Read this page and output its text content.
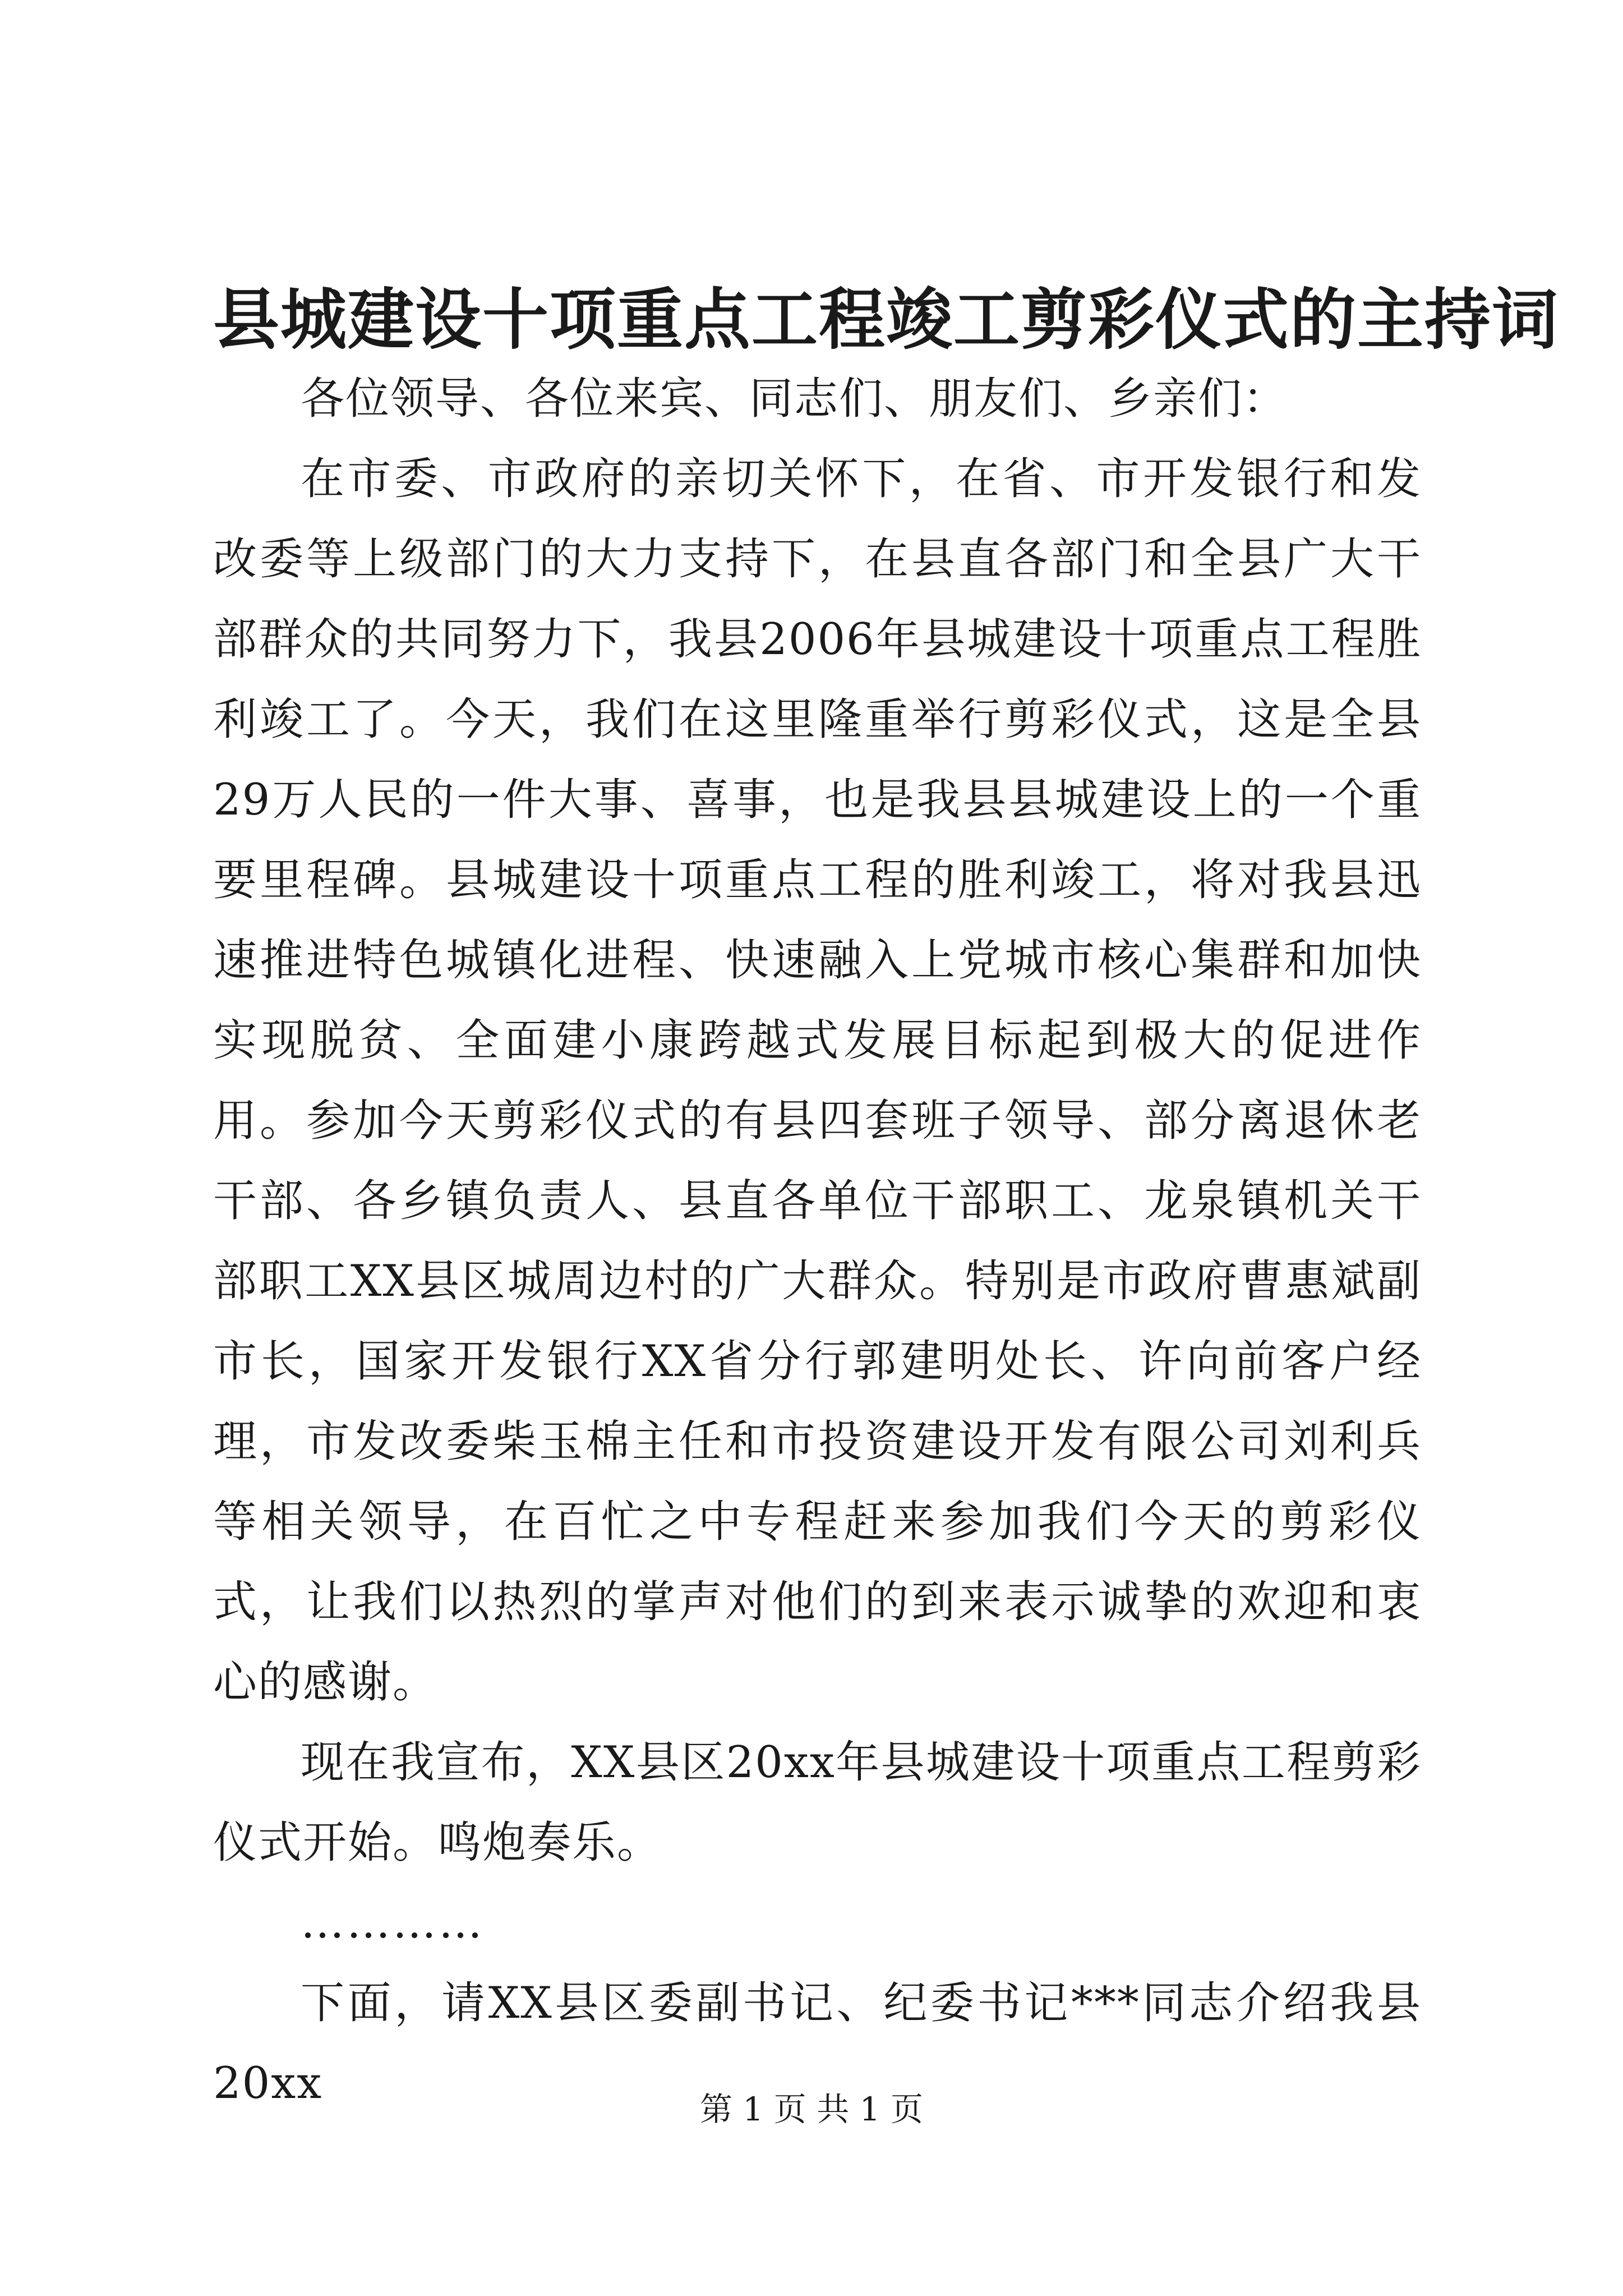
县城建设十项重点工程竣工剪彩仪式的主持词

各位领导、各位来宾、同志们、朋友们、乡亲们：

在市委、市政府的亲切关怀下，在省、市开发银行和发改委等上级部门的大力支持下，在县直各部门和全县广大干部群众的共同努力下，我县2006年县城建设十项重点工程胜利竣工了。今天，我们在这里隆重举行剪彩仪式，这是全县29万人民的一件大事、喜事，也是我县县城建设上的一个重要里程碑。县城建设十项重点工程的胜利竣工，将对我县迅速推进特色城镇化进程、快速融入上党城市核心集群和加快实现脱贫、全面建小康跨越式发展目标起到极大的促进作用。参加今天剪彩仪式的有县四套班子领导、部分离退休老干部、各乡镇负责人、县直各单位干部职工、龙泉镇机关干部职工XX县区城周边村的广大群众。特别是市政府曹惠斌副市长，国家开发银行XX省分行郭建明处长、许向前客户经理，市发改委柴玉棉主任和市投资建设开发有限公司刘利兵等相关领导，在百忙之中专程赶来参加我们今天的剪彩仪式，让我们以热烈的掌声对他们的到来表示诚挚的欢迎和衷心的感谢。

现在我宣布，XX县区20xx年县城建设十项重点工程剪彩仪式开始。鸣炮奏乐。

…………

下面，请XX县区委副书记、纪委书记***同志介绍我县20xx

第 1 页 共 1 页
